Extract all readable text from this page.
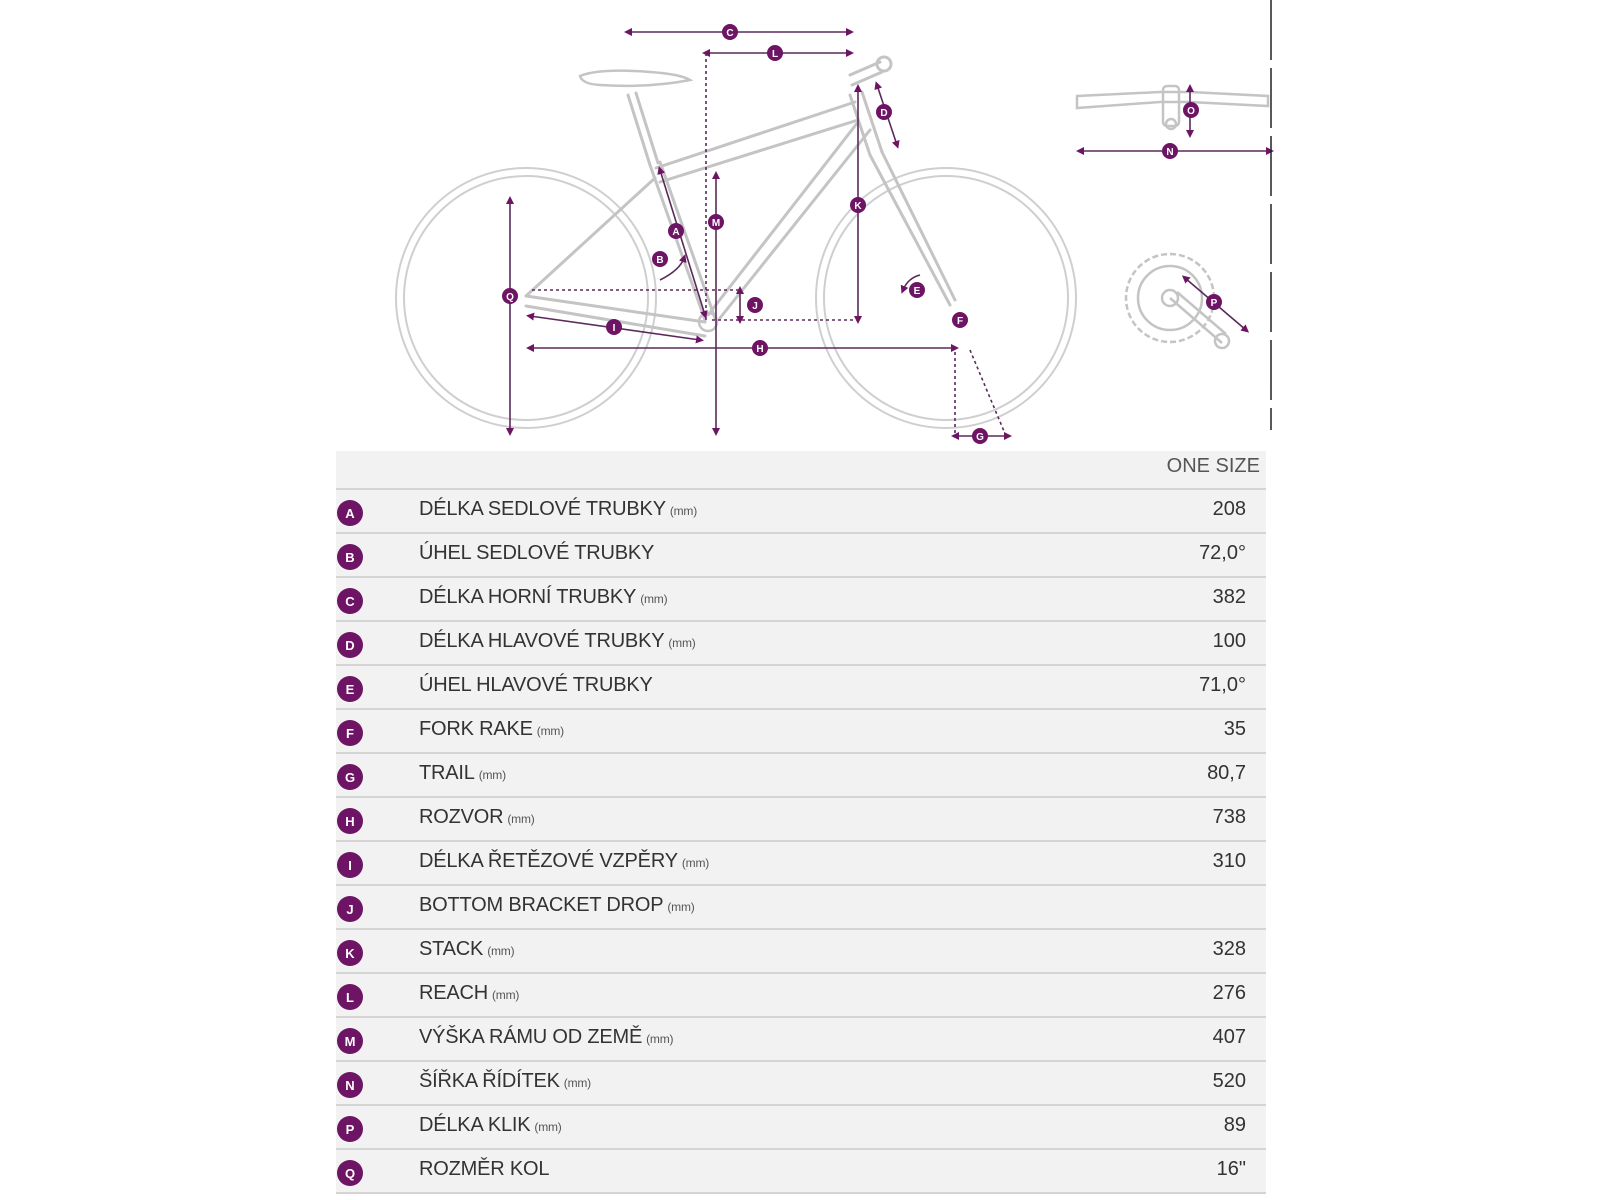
C
L
D	O
N
K
M
A
B
Q
J
E
F
I
H
G
P
ONE SIZE
A	DÉLKA SEDLOVÉ TRUBKY (mm)	208
B	ÚHEL SEDLOVÉ TRUBKY	72,0°
C	DÉLKA HORNÍ TRUBKY (mm)	382
D	DÉLKA HLAVOVÉ TRUBKY (mm)	100
E	ÚHEL HLAVOVÉ TRUBKY	71,0°
F	FORK RAKE (mm)	35
G	TRAIL (mm)	80,7
H	ROZVOR (mm)	738
I	DÉLKA ŘETĚZOVÉ VZPĚRY (mm)	310
J	BOTTOM BRACKET DROP (mm)
K	STACK (mm)	328
L	REACH (mm)	276
M	VÝŠKA RÁMU OD ZEMĚ (mm)	407
N	ŠÍŘKA ŘÍDÍTEK (mm)	520
P	DÉLKA KLIK (mm)	89
Q	ROZMĚR KOL	16"
